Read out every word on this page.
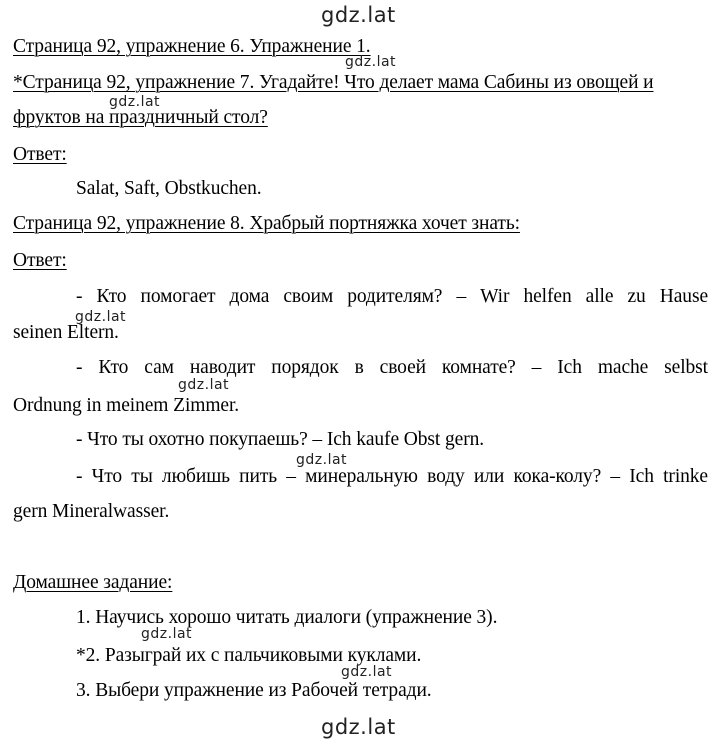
gdz.lat
Страница 92, упражнение 6. Упражнение 1.
gdz.lat
*Страница 92, упражнение 7. Угадайте! Что делает мама Сабины из овощей и
gdz.lat
фруктов на праздничный стол?
Ответ:
Salat, Saft, Obstkuchen.
Страница 92, упражнение 8. Храбрый портняжка хочет знать:
Ответ:
- Кто помогает дома своим родителям? – Wir helfen alle zu Hause
gdz.lat
seinen Eltern.
- Кто сам наводит порядок в своей комнате? – Ich mache selbst
gdz.lat
Ordnung in meinem Zimmer.
- Что ты охотно покупаешь? – Ich kaufe Obst gern.
gdz.lat
- Что ты любишь пить – минеральную воду или кока-колу? – Ich trinke
gern Mineralwasser.
Домашнее задание:
1. Научись хорошо читать диалоги (упражнение 3).
gdz.lat
*2. Разыграй их с пальчиковыми куклами.
gdz.lat
3. Выбери упражнение из Рабочей тетради.
gdz.lat
